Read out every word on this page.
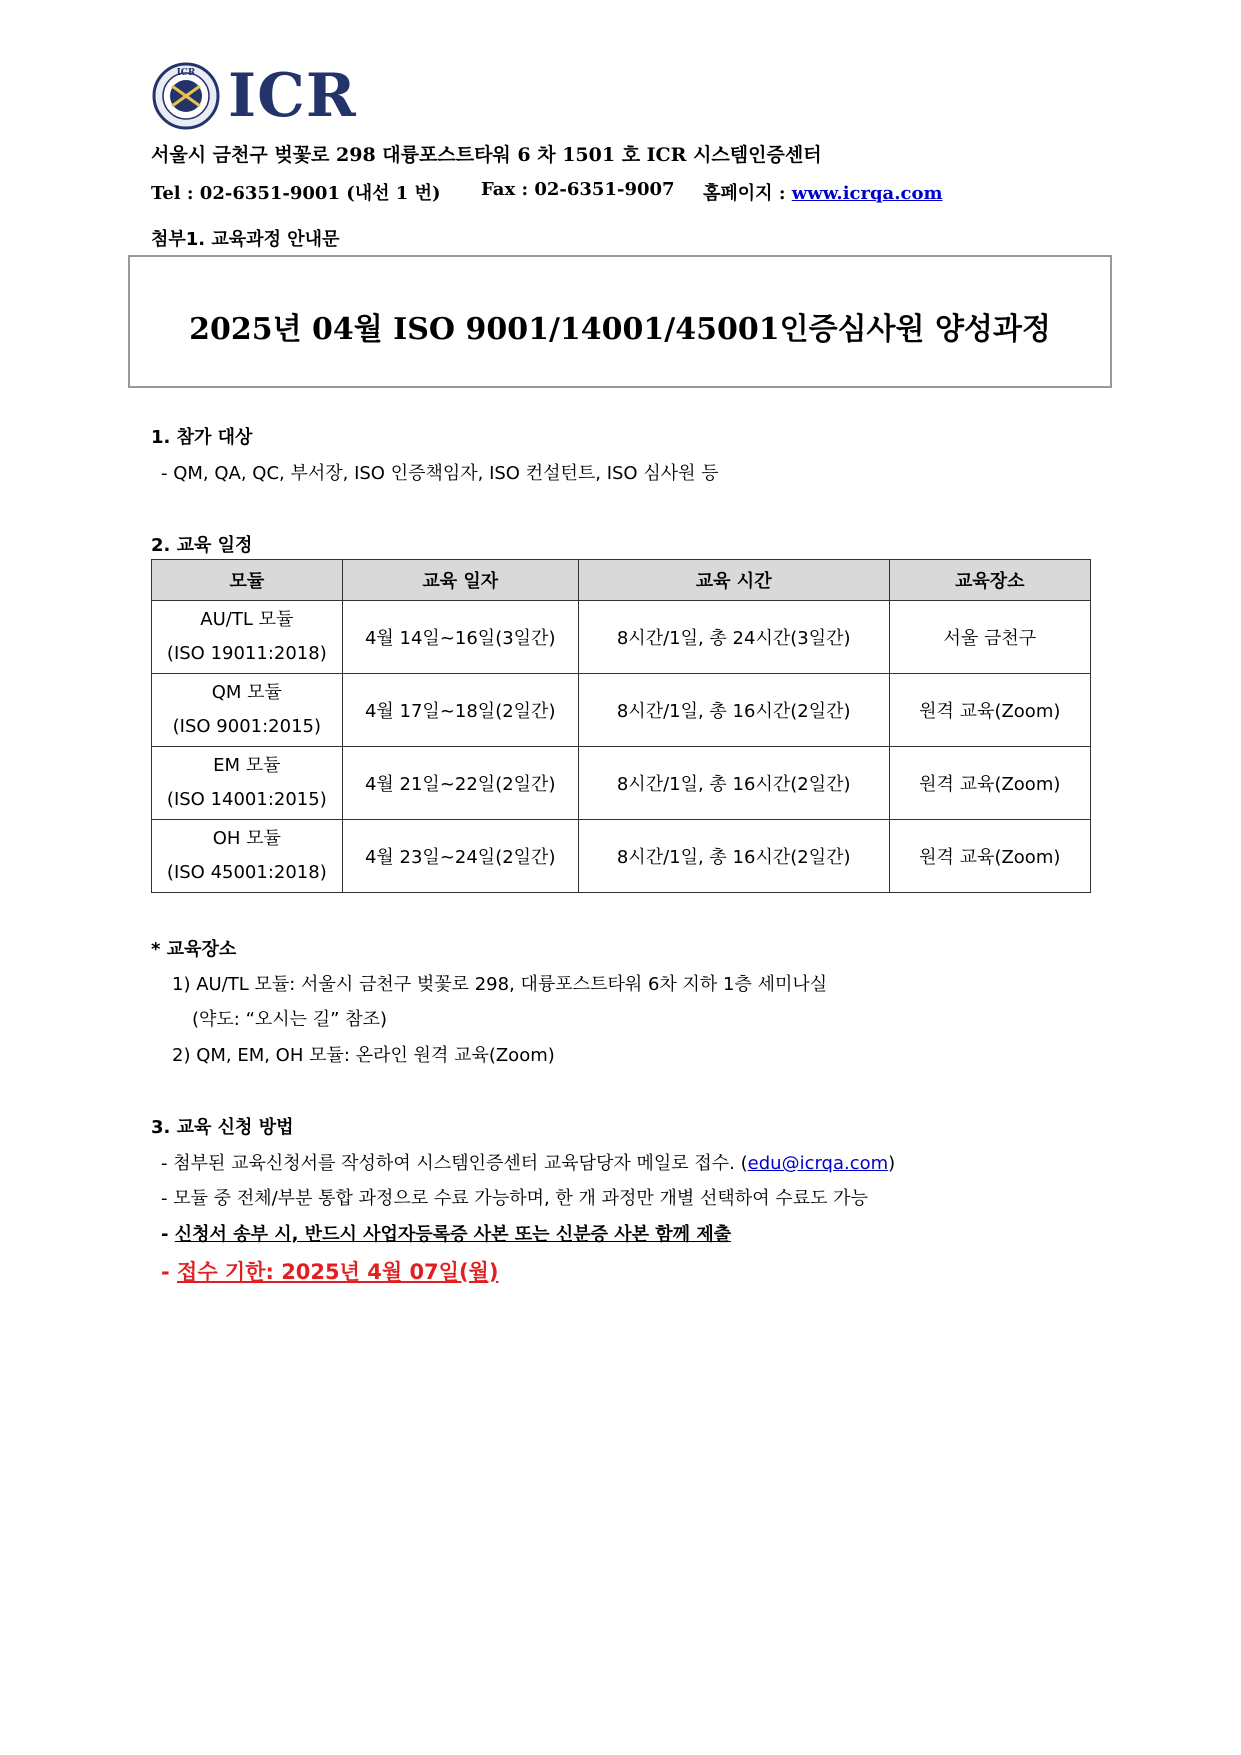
ICR ICR
서울시 금천구 벚꽃로 298 대륭포스트타워 6 차 1501 호 ICR 시스템인증센터
Tel : 02-6351-9001 (내선 1 번) Fax : 02-6351-9007 홈페이지 : www.icrqa.com
첨부1. 교육과정 안내문
2025년 04월 ISO 9001/14001/45001인증심사원 양성과정
1. 참가 대상
- QM, QA, QC, 부서장, ISO 인증책임자, ISO 컨설턴트, ISO 심사원 등
2. 교육 일정
모듈	교육 일자	교육 시간	교육장소

AU/TL 모듈
(ISO 19011:2018)	4월 14일~16일(3일간)	8시간/1일, 총 24시간(3일간)	서울 금천구

QM 모듈
(ISO 9001:2015)	4월 17일~18일(2일간)	8시간/1일, 총 16시간(2일간)	원격 교육(Zoom)

EM 모듈
(ISO 14001:2015)	4월 21일~22일(2일간)	8시간/1일, 총 16시간(2일간)	원격 교육(Zoom)

OH 모듈
(ISO 45001:2018)	4월 23일~24일(2일간)	8시간/1일, 총 16시간(2일간)	원격 교육(Zoom)
* 교육장소
1) AU/TL 모듈: 서울시 금천구 벚꽃로 298, 대륭포스트타워 6차 지하 1층 세미나실
(약도: “오시는 길” 참조)
2) QM, EM, OH 모듈: 온라인 원격 교육(Zoom)
3. 교육 신청 방법
- 첨부된 교육신청서를 작성하여 시스템인증센터 교육담당자 메일로 접수. (edu@icrqa.com)
- 모듈 중 전체/부분 통합 과정으로 수료 가능하며, 한 개 과정만 개별 선택하여 수료도 가능
- 신청서 송부 시, 반드시 사업자등록증 사본 또는 신분증 사본 함께 제출
- 접수 기한: 2025년 4월 07일(월)
